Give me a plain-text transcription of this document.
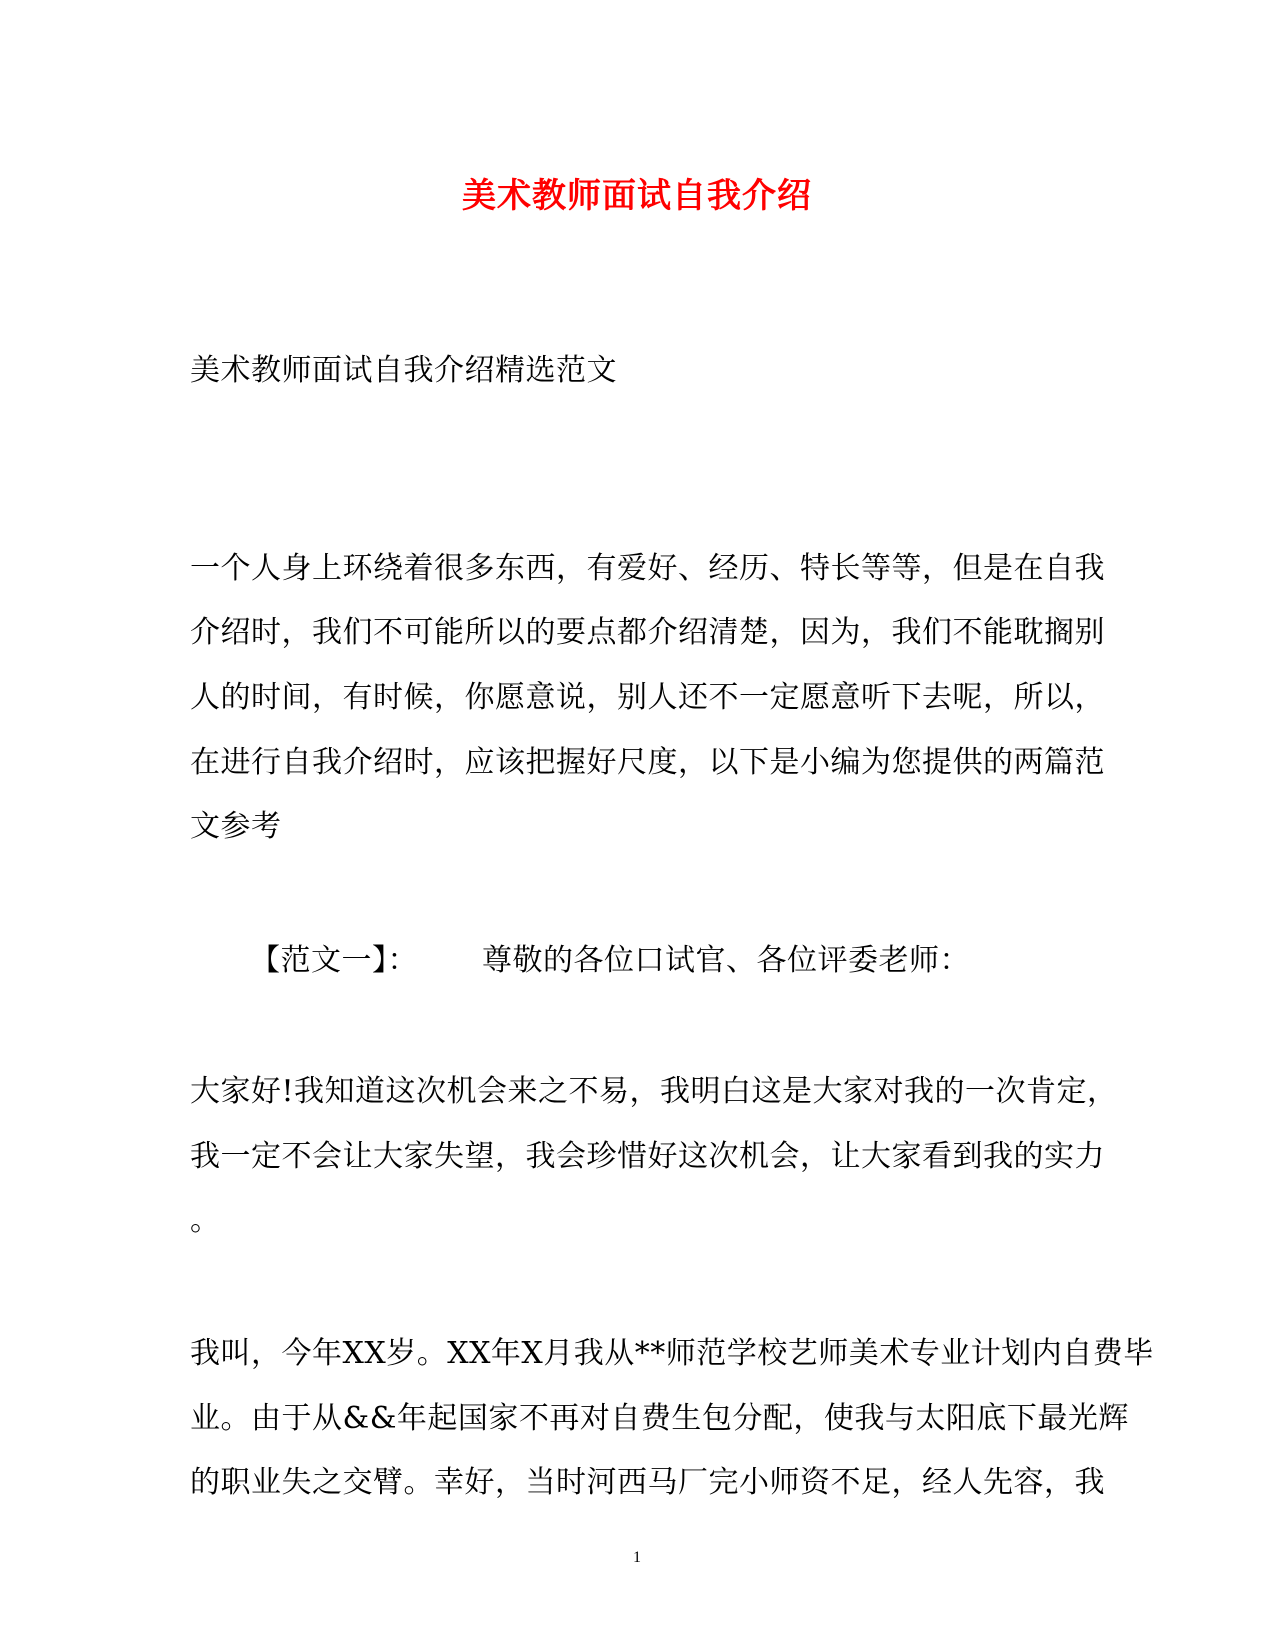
美术教师面试自我介绍

美术教师面试自我介绍精选范文

一个人身上环绕着很多东西，有爱好、经历、特长等等，但是在自我

介绍时，我们不可能所以的要点都介绍清楚，因为，我们不能耽搁别

人的时间，有时候，你愿意说，别人还不一定愿意听下去呢，所以，

在进行自我介绍时，应该把握好尺度，以下是小编为您提供的两篇范

文参考

【范文一】： 尊敬的各位口试官、各位评委老师：

大家好!我知道这次机会来之不易，我明白这是大家对我的一次肯定，

我一定不会让大家失望，我会珍惜好这次机会，让大家看到我的实力

。

我叫，今年XX岁。XX年X月我从**师范学校艺师美术专业计划内自费毕

业。由于从&&年起国家不再对自费生包分配，使我与太阳底下最光辉

的职业失之交臂。幸好，当时河西马厂完小师资不足，经人先容，我

1
